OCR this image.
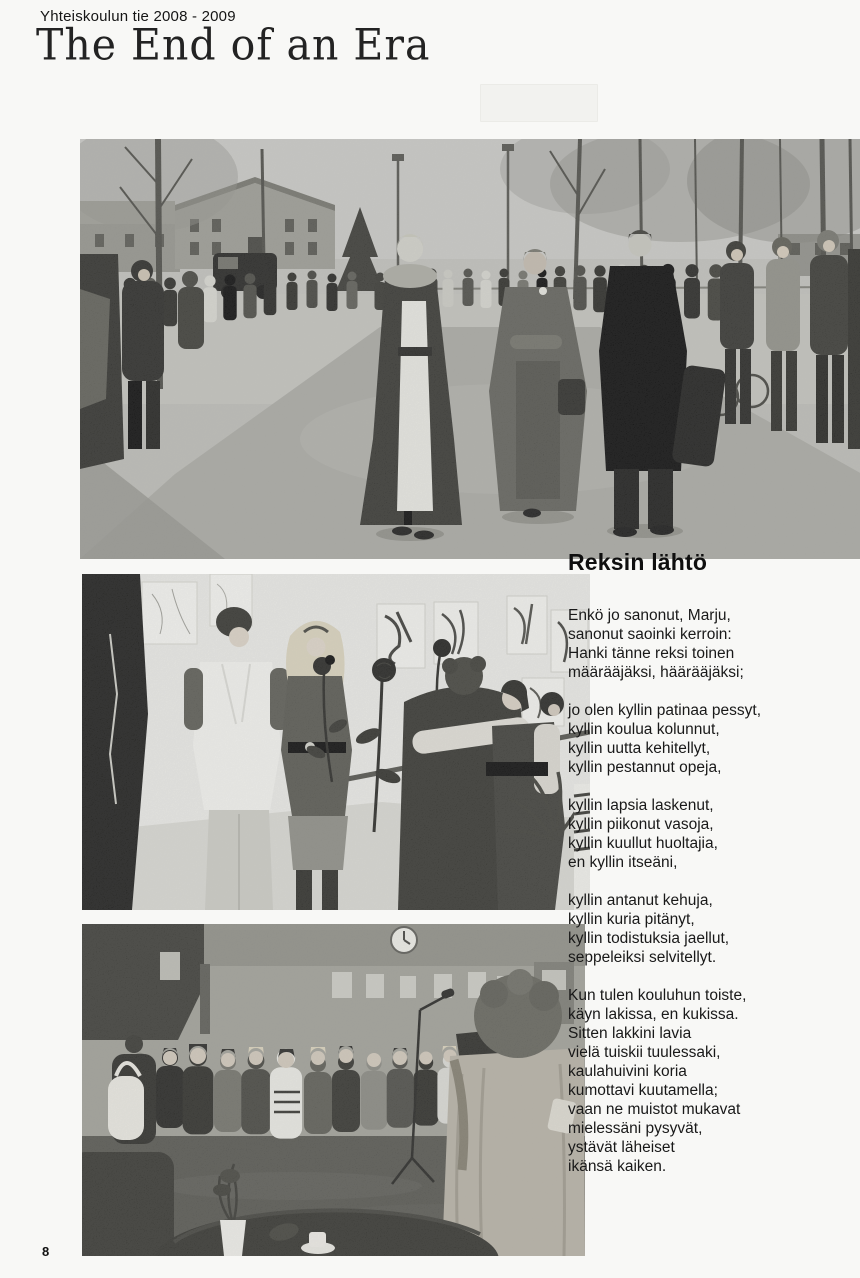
Yhteiskoulun tie 2008 - 2009
The End of an Era
Reksin lähtö
Enkö jo sanonut, Marju,
sanonut saoinki kerroin:
Hanki tänne reksi toinen
määrääjäksi, häärääjäksi;
jo olen kyllin patinaa pessyt,
kyllin koulua kolunnut,
kyllin uutta kehitellyt,
kyllin pestannut opeja,
kyllin lapsia laskenut,
kyllin piikonut vasoja,
kyllin kuullut huoltajia,
en kyllin itseäni,
kyllin antanut kehuja,
kyllin kuria pitänyt,
kyllin todistuksia jaellut,
seppeleiksi selvitellyt.
Kun tulen kouluhun toiste,
käyn lakissa, en kukissa.
Sitten lakkini lavia
vielä tuiskii tuulessaki,
kaulahuivini koria
kumottavi kuutamella;
vaan ne muistot mukavat
mielessäni pysyvät,
ystävät läheiset
ikänsä kaiken.
8
